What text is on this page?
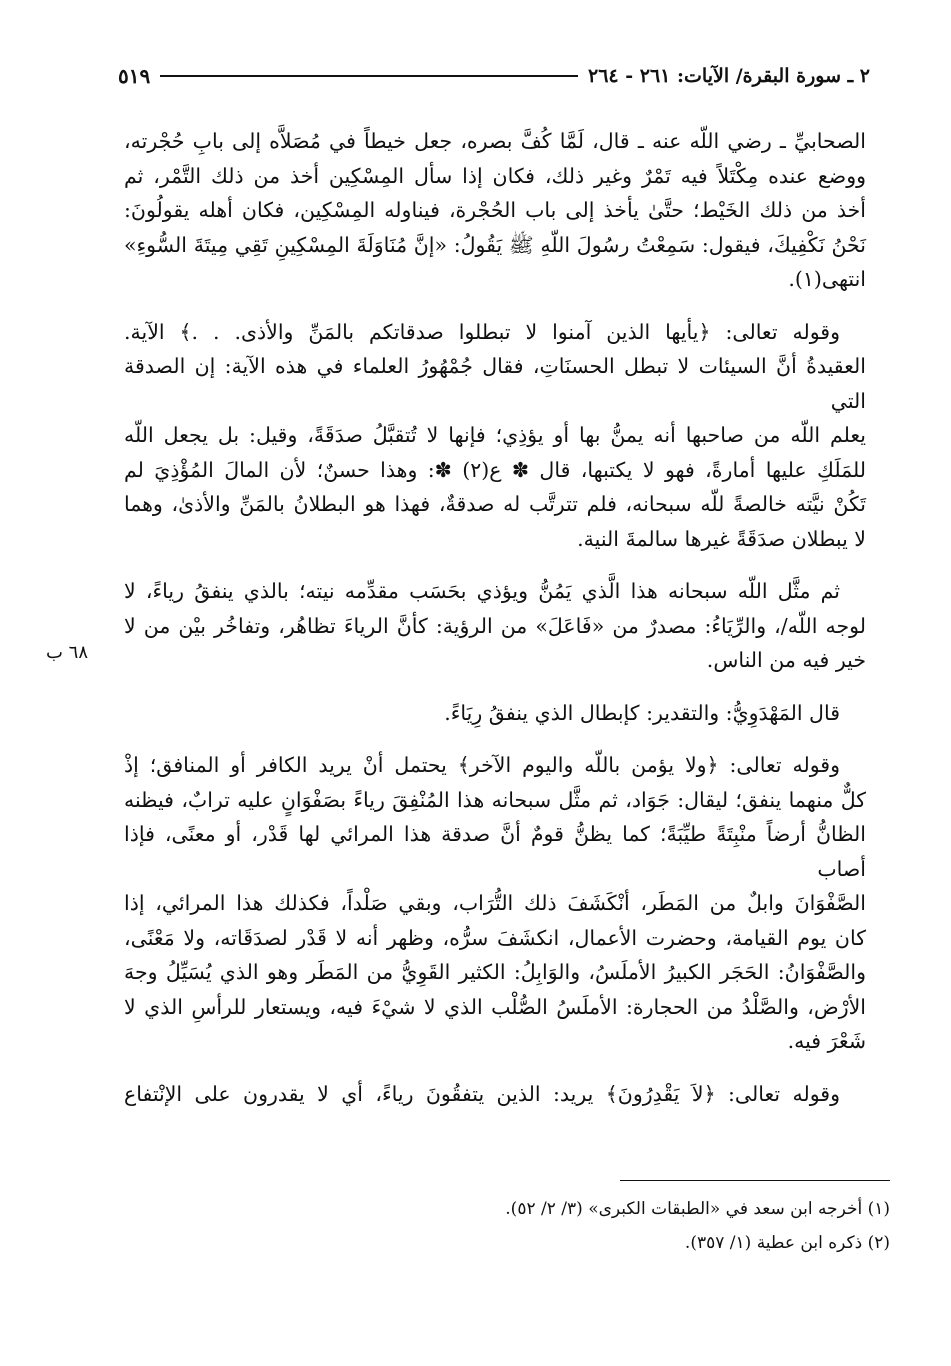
٢ ـ سورة البقرة/ الآيات: ٢٦١ - ٢٦٤
٥١٩

الصحابيِّ ـ رضي اللّه عنه ـ قال، لَمَّا كُفَّ بصره، جعل خيطاً في مُصَلاَّه إلى بابِ حُجْرته،
ووضع عنده مِكْتَلاً فيه تَمْرٌ وغير ذلك، فكان إذا سأل المِسْكِين أخذ من ذلك التَّمْر، ثم
أخذ من ذلك الخَيْط؛ حتَّىٰ يأخذ إلى باب الحُجْرة، فيناوله المِسْكِين، فكان أهله يقولُونَ:
نَحْنُ نَكْفِيكَ، فيقول: سَمِعْتُ رسُولَ اللّهِ ﷺ يَقُولُ: «إنَّ مُنَاوَلَةَ المِسْكِينِ تَقِي مِيتَةَ السُّوءِ»
انتهى(١).

وقوله تعالى: ﴿يأيها الذين آمنوا لا تبطلوا صدقاتكم بالمَنِّ والأذى. . .﴾ الآية.
العقيدةُ أنَّ السيئات لا تبطل الحسنَاتِ، فقال جُمْهُورُ العلماء في هذه الآية: إن الصدقة التي
يعلم اللّه من صاحبها أنه يمنُّ بها أو يؤذِي؛ فإنها لا تُتقبَّلُ صدَقَةً، وقيل: بل يجعل اللّه
للمَلَكِ عليها أمارةً، فهو لا يكتبها، قال ✽ ع(٢) ✽: وهذا حسنٌ؛ لأن المالَ المُؤْذِيَ لم
تَكُنْ نيَّته خالصةً للّه سبحانه، فلم تترتَّب له صدقةٌ، فهذا هو البطلانُ بالمَنِّ والأذىٰ، وهما
لا يبطلان صدَقَةً غيرها سالمةَ النية.

ثم مثَّل اللّه سبحانه هذا الَّذي يَمُنُّ ويؤذي بحَسَب مقدِّمه نيته؛ بالذي ينفقُ رياءً، لا
لوجه اللّه/، والرِّيَاءُ: مصدرٌ من «فَاعَلَ» من الرؤية: كأنَّ الرياءَ تظاهُر، وتفاخُر بيْن من لا
خير فيه من الناس.

قال المَهْدَوِيُّ: والتقدير: كإبطال الذي ينفقُ رِيَاءً.

وقوله تعالى: ﴿ولا يؤمن باللّه واليوم الآخر﴾ يحتمل أنْ يريد الكافر أو المنافق؛ إذْ
كلٌّ منهما ينفق؛ ليقال: جَوَاد، ثم مثَّل سبحانه هذا المُنْفِقَ رياءً بصَفْوَانٍ عليه ترابٌ، فيظنه
الظانُّ أرضاً منْبِتَةً طيِّبَةً؛ كما يظنُّ قومٌ أنَّ صدقة هذا المرائي لها قَدْر، أو معنًى، فإذا أصاب
الصَّفْوَانَ وابلٌ من المَطَر، أنْكَشَفَ ذلك التُّرَاب، وبقي صَلْداً، فكذلك هذا المرائي، إذا
كان يوم القيامة، وحضرت الأعمال، انكشَفَ سرُّه، وظهر أنه لا قَدْر لصدَقَاته، ولا مَعْنًى،
والصَّفْوَانُ: الحَجَر الكبيرُ الأملَسُ، والوَابِلُ: الكثير القَوِيُّ من المَطَر وهو الذي يُسَيِّلُ وجهَ
الأرْض، والصَّلْدُ من الحجارة: الأملَسُ الصُّلْب الذي لا شيْءَ فيه، ويستعار للرأسِ الذي لا
شَعْرَ فيه.

وقوله تعالى: ﴿لاَ يَقْدِرُونَ﴾ يريد: الذين يتفقُونَ رياءً، أي لا يقدرون على الإنْتفاع

٦٨ ب
(١) أخرجه ابن سعد في «الطبقات الكبرى» (٣/ ٢/ ٥٢).
(٢) ذكره ابن عطية (١/ ٣٥٧).
